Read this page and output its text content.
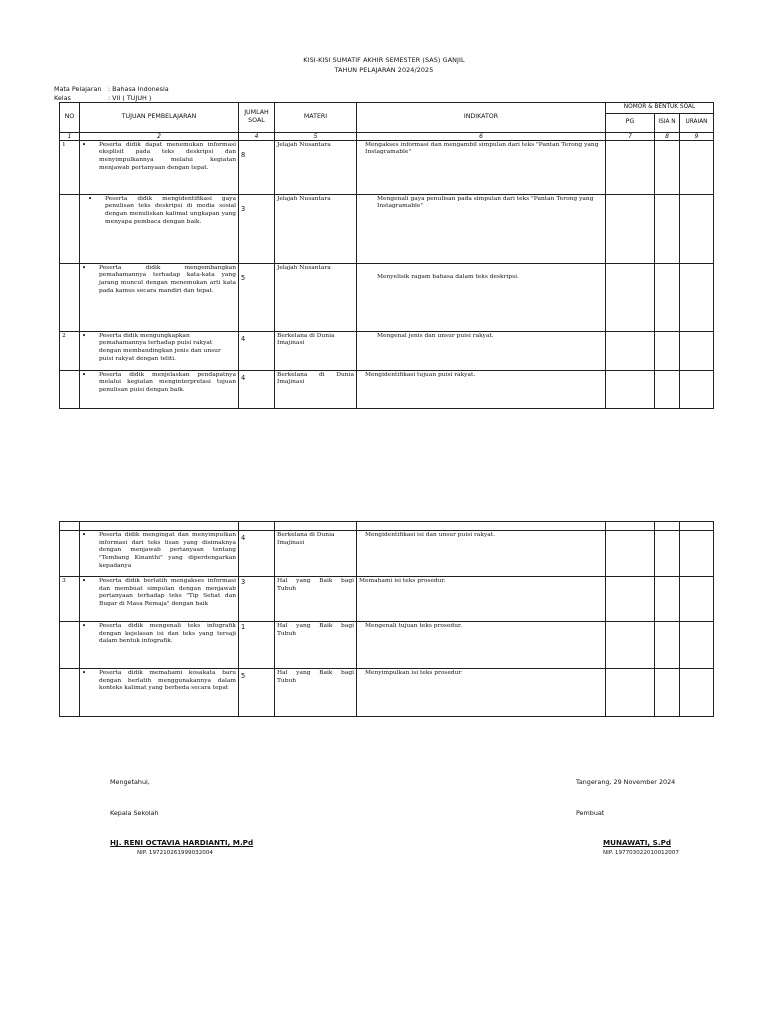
KISI-KISI SUMATIF AKHIR SEMESTER (SAS) GANJIL
TAHUN PELAJARAN 2024/2025
Mata Pelajaran : Bahasa Indonesia
Kelas	: VII ( TUJUH )
NO	TUJUAN PEMBELAJARAN	JUMLAH SOAL	MATERI	INDIKATOR	NOMOR & BENTUK SOAL		
					PG	ISIA N	URAIAN
1	2	4	5	6	7	8	9
1	• Peserta didik dapat menemukan informasi eksplisit pada teks deskripsi dan menyimpulkannya melalui kegiatan menjawab pertanyaan dengan tepat.	8	Jelajah Nusantara	Mengakses informasi dan mengambil simpulan dari teks "Pantan Terong yang Instagramable"			

	• Peserta didik mengidentifikasi gaya penulisan teks deskripsi di media sosial dengan menuliskan kalimat ungkapan yang menyapa pembaca dengan baik.	3	Jelajah Nusantara	Mengenali gaya penulisan pada simpulan dari teks "Pantan Terong yang Instagramable"			

	• Peserta didik mengembangkan pemahamannya terhadap kata-kata yang jarang muncul dengan menemukan arti kata pada kamus secara mandiri dan tepat.	5	Jelajah Nusantara	Menyelisik ragam bahasa dalam teks deskripsi.			
2	• Peserta didik mengungkapkan pemahamannya terhadap puisi rakyat dengan membandingkan jenis dan unsur puisi rakyat dengan teliti.	4	Berkelana di Dunia Imajinasi	Mengenal jenis dan unsur puisi rakyat.			

	• Peserta didik menjelaskan pendapatnya melalui kegiatan menginterpretasi tujuan penulisan puisi dengan baik.	4	Berkelana di Dunia Imajinasi	Mengidentifikasi tujuan puisi rakyat.			

	• Peserta didik mengingat dan menyimpulkan informasi dari teks lisan yang disimaknya dengan menjawab pertanyaan tentang "Tembang Kinanthi" yang diperdengarkan kepadanya	4	Berkelana di Dunia Imajinasi	Mengidentifikasi isi dan unsur puisi rakyat.			
3	• Peserta didik berlatih mengakses informasi dan membuat simpulan dengan menjawab pertanyaan terhadap teks "Tip Sehat dan Bugar di Masa Remaja" dengan baik	3	Hal yang Baik bagi Tubuh	Memahami isi teks prosedur.			

	• Peserta didik mengenali teks infografik dengan kejelasan isi dan teks yang tersaji dalam bentuk infografik.	1	Hal yang Baik bagi Tubuh	Mengenali tujuan teks prosedur.			

	• Peserta didik memahami kosakata baru dengan berlatih menggunakannya dalam konteks kalimat yang berbeda secara tepat	5	Hal yang Baik bagi Tubuh	Menyimpulkan isi teks prosedur			
Mengetahui,
Kepala Sekolah
HJ. RENI OCTAVIA HARDIANTI, M.Pd
NIP. 197210261999032004
Tangerang, 29 November 2024
Pembuat
MUNAWATI, S.Pd
NIP. 197703022010012007
